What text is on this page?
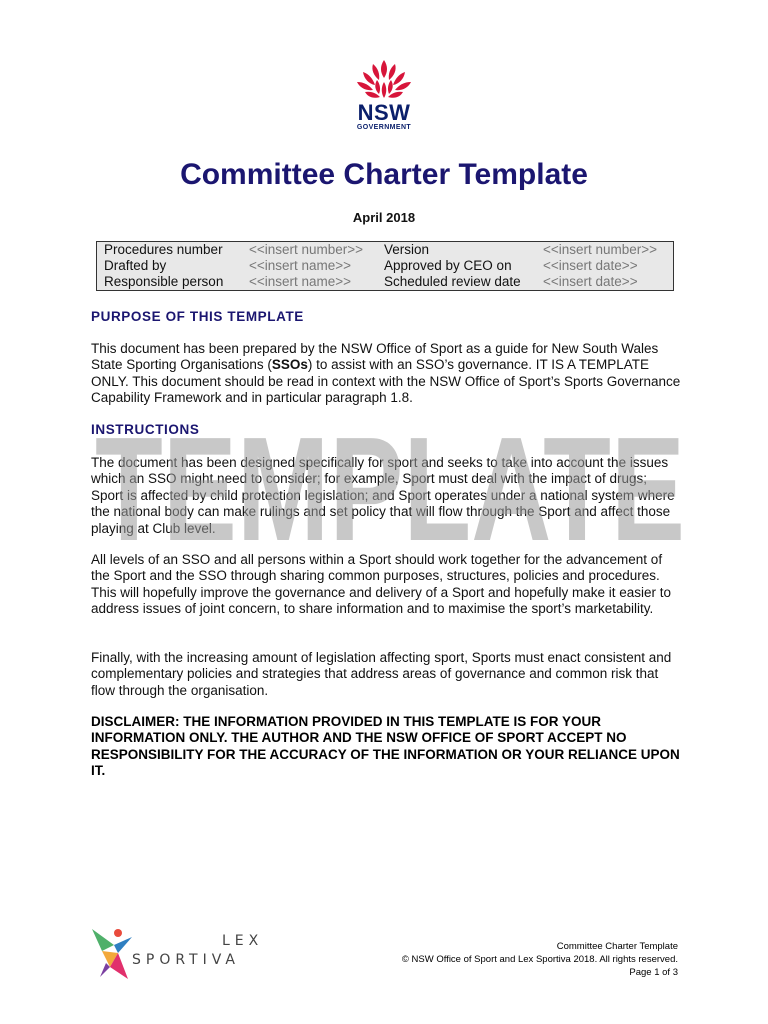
NSW
GOVERNMENT
Committee Charter Template
April 2018
Procedures number	<<insert number>>	Version	<<insert number>>
Drafted by	<<insert name>>	Approved by CEO on	<<insert date>>
Responsible person	<<insert name>>	Scheduled review date	<<insert date>>
PURPOSE OF THIS TEMPLATE
This document has been prepared by the NSW Office of Sport as a guide for New South Wales State Sporting Organisations (SSOs) to assist with an SSO’s governance. IT IS A TEMPLATE ONLY. This document should be read in context with the NSW Office of Sport’s Sports Governance Capability Framework and in particular paragraph 1.8.
INSTRUCTIONS
The document has been designed specifically for sport and seeks to take into account the issues which an SSO might need to consider; for example, Sport must deal with the impact of drugs; Sport is affected by child protection legislation; and Sport operates under a national system where the national body can make rulings and set policy that will flow through the Sport and affect those playing at Club level.
All levels of an SSO and all persons within a Sport should work together for the advancement of the Sport and the SSO through sharing common purposes, structures, policies and procedures. This will hopefully improve the governance and delivery of a Sport and hopefully make it easier to address issues of joint concern, to share information and to maximise the sport’s marketability.
Finally, with the increasing amount of legislation affecting sport, Sports must enact consistent and complementary policies and strategies that address areas of governance and common risk that flow through the organisation.
DISCLAIMER: THE INFORMATION PROVIDED IN THIS TEMPLATE IS FOR YOUR INFORMATION ONLY. THE AUTHOR AND THE NSW OFFICE OF SPORT ACCEPT NO RESPONSIBILITY FOR THE ACCURACY OF THE INFORMATION OR YOUR RELIANCE UPON IT.
TEMPLATE
LEX
SPORTIVA
Committee Charter Template
© NSW Office of Sport and Lex Sportiva 2018. All rights reserved.
Page 1 of 3
